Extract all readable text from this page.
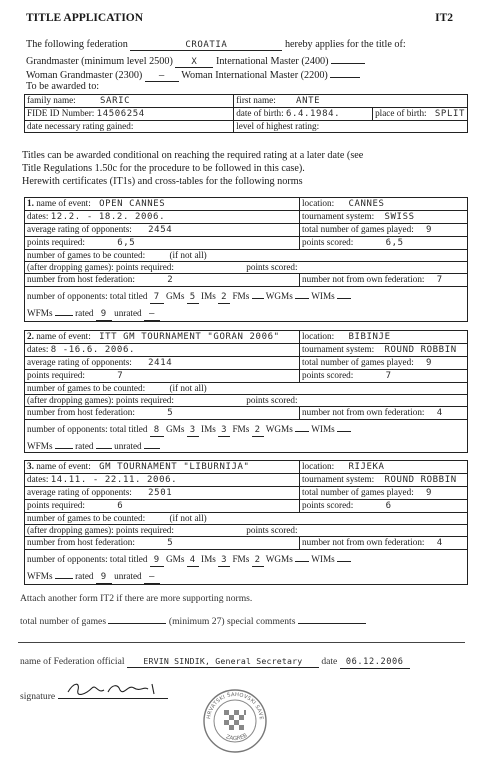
TITLE APPLICATION	IT2
The following federation	CROATIA	hereby applies for the title of:
Grandmaster (minimum level 2500) X International Master (2400)
Woman Grandmaster (2300) — Woman International Master (2200)
To be awarded to:
family name: SARIC	first name: ANTE	
FIDE ID Number: 14506254	date of birth: 6.4.1984.	place of birth: SPLIT
date necessary rating gained:	level of highest rating:	
Titles can be awarded conditional on reaching the required rating at a later date (see
Title Regulations 1.50c for the procedure to be followed in this case).
Herewith certificates (IT1s) and cross-tables for the following norms
1. name of event: OPEN CANNES	location: CANNES
dates: 12.2. - 18.2. 2006.	tournament system: SWISS
average rating of opponents: 2454	total number of games played: 9
points required: 6,5	points scored: 6,5
number of games to be counted: (if not all)	
(after dropping games): points required: points scored:	
number from host federation: 2	number not from own federation: 7
number of opponents: total titled 7 GMs 5 IMs 2 FMs WGMs WIMs
WFMs rated 9 unrated —	
2. name of event: ITT GM TOURNAMENT "GORAN 2006"	location: BIBINJE
dates: 8 -16.6. 2006.	tournament system: ROUND ROBBIN
average rating of opponents: 2414	total number of games played: 9
points required: 7	points scored: 7
number of games to be counted: (if not all)	
(after dropping games): points required: points scored:	
number from host federation: 5	number not from own federation: 4
number of opponents: total titled 8 GMs 3 IMs 3 FMs 2 WGMs WIMs
WFMs rated unrated	
3. name of event: GM TOURNAMENT "LIBURNIJA"	location: RIJEKA
dates: 14.11. - 22.11. 2006.	tournament system: ROUND ROBBIN
average rating of opponents: 2501	total number of games played: 9
points required: 6	points scored: 6
number of games to be counted: (if not all)	
(after dropping games): points required: points scored:	
number from host federation: 5	number not from own federation: 4
number of opponents: total titled 9 GMs 4 IMs 3 FMs 2 WGMs WIMs
WFMs rated 9 unrated —	
Attach another form IT2 if there are more supporting norms.
total number of games	(minimum 27) special comments
name of Federation official ERVIN SINDIK, General Secretary date 06.12.2006
signature
HRVATSKI ŠAHOVSKI SAVE
ZAGREB
